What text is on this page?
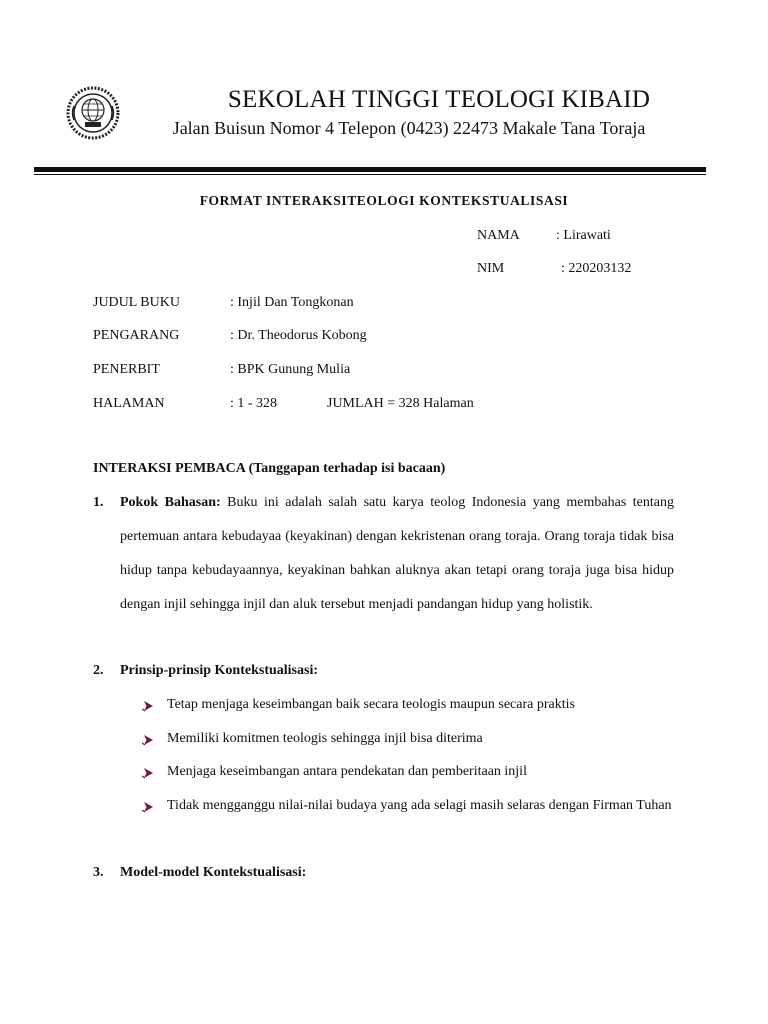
SEKOLAH TINGGI TEOLOGI KIBAID
Jalan Buisun Nomor 4 Telepon (0423) 22473 Makale Tana Toraja
FORMAT INTERAKSITEOLOGI KONTEKSTUALISASI
NAMA	: Lirawati
NIM	: 220203132
JUDUL BUKU	: Injil Dan Tongkonan
PENGARANG	: Dr. Theodorus Kobong
PENERBIT	: BPK Gunung Mulia
HALAMAN	: 1 - 328	JUMLAH = 328 Halaman
INTERAKSI PEMBACA (Tanggapan terhadap isi bacaan)
1. Pokok Bahasan: Buku ini adalah salah satu karya teolog Indonesia yang membahas tentang pertemuan antara kebudayaa (keyakinan) dengan kekristenan orang toraja. Orang toraja tidak bisa hidup tanpa kebudayaannya, keyakinan bahkan aluknya akan tetapi orang toraja juga bisa hidup dengan injil sehingga injil dan aluk tersebut menjadi pandangan hidup yang holistik.
2. Prinsip-prinsip Kontekstualisasi:
Tetap menjaga keseimbangan baik secara teologis maupun secara praktis
Memiliki komitmen teologis sehingga injil bisa diterima
Menjaga keseimbangan antara pendekatan dan pemberitaan injil
Tidak mengganggu nilai-nilai budaya yang ada selagi masih selaras dengan Firman Tuhan
3. Model-model Kontekstualisasi:
